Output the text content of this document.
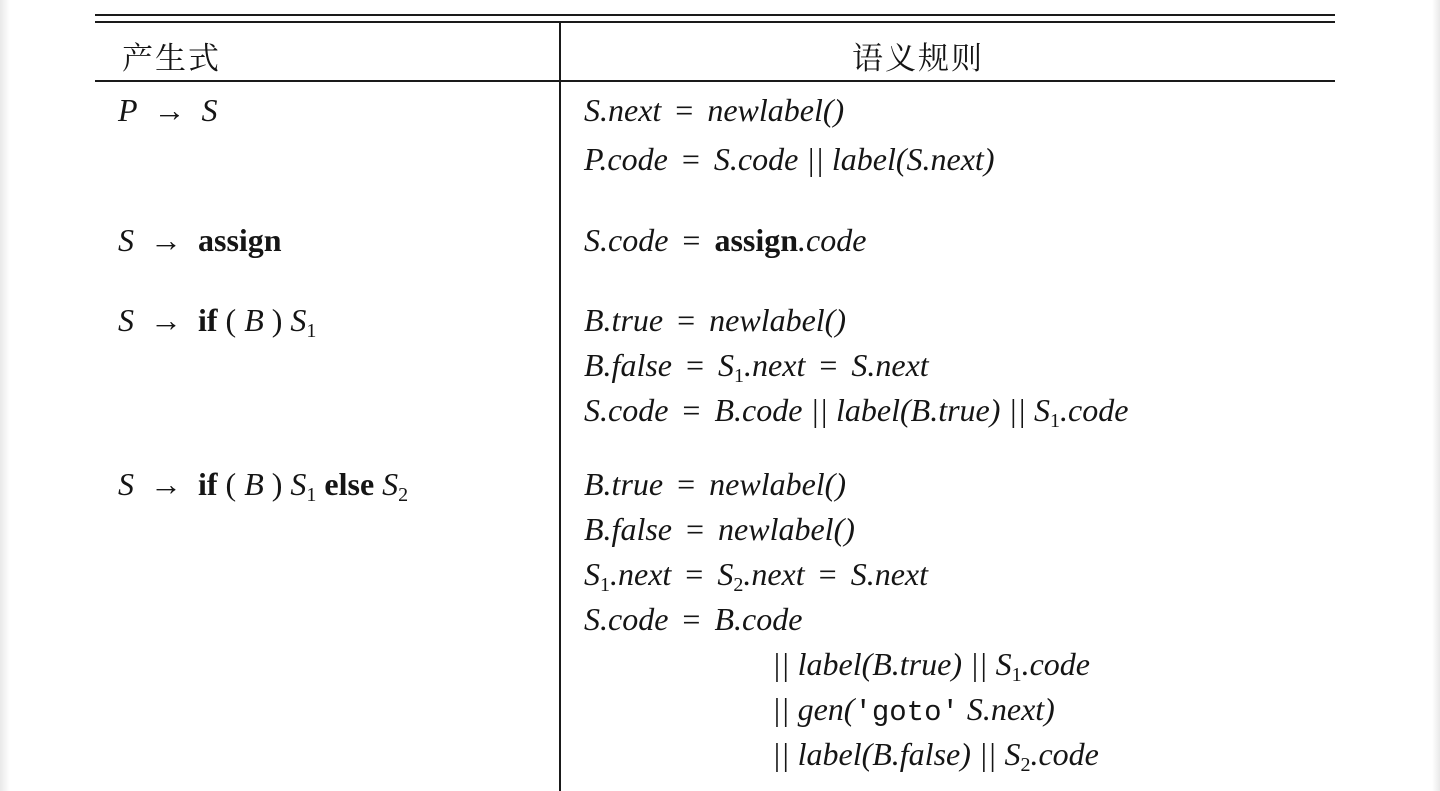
产生式	语义规则
P → S	S.next = newlabel()
P.code = S.code || label(S.next)
S → assign	S.code = assign.code
S → if ( B ) $S_1$	B.true = newlabel()
B.false = $S_1.next$ = S.next
S.code = B.code || label(B.true) || $S_1.code$
S → if ( B ) $S_1$ else $S_2$	B.true = newlabel()
B.false = newlabel()
$S_1.next$ = $S_2.next$ = S.next
S.code = B.code
|| label(B.true) || $S_1.code$
|| gen('goto' S.next)
|| label(B.false) || $S_2.code$
